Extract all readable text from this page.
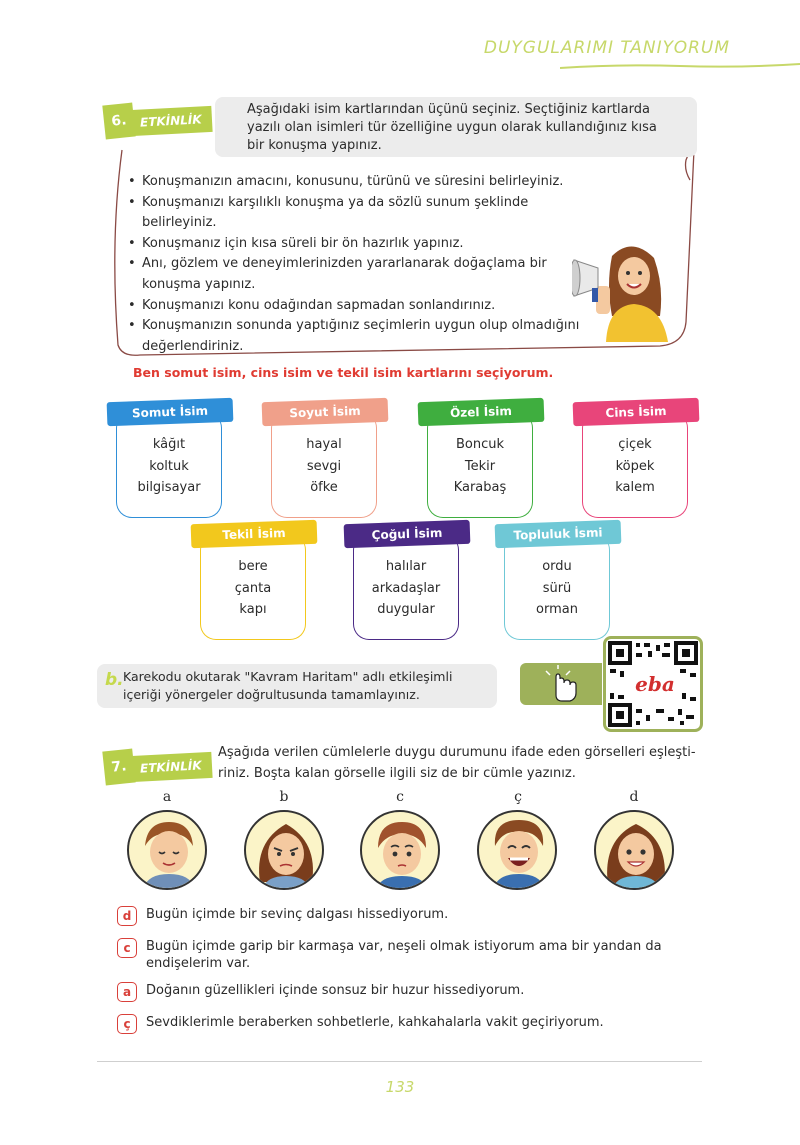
DUYGULARIMI TANIYORUM
6.	ETKİNLİK
Aşağıdaki isim kartlarından üçünü seçiniz. Seçtiğiniz kartlarda
yazılı olan isimleri tür özelliğine uygun olarak kullandığınız kısa
bir konuşma yapınız.
• Konuşmanızın amacını, konusunu, türünü ve süresini belirleyiniz.
• Konuşmanızı karşılıklı konuşma ya da sözlü sunum şeklinde belirleyiniz.
• Konuşmanız için kısa süreli bir ön hazırlık yapınız.
• Anı, gözlem ve deneyimlerinizden yararlanarak doğaçlama bir
konuşma yapınız.
• Konuşmanızı konu odağından sapmadan sonlandırınız.
• Konuşmanızın sonunda yaptığınız seçimlerin uygun olup olmadığını
değerlendiriniz.
Ben somut isim, cins isim ve tekil isim kartlarını seçiyorum.
Somut İsim
kâğıt
koltuk
bilgisayar
Soyut İsim
hayal
sevgi
öfke
Özel İsim
Boncuk
Tekir
Karabaş
Cins İsim
çiçek
köpek
kalem
Tekil İsim
bere
çanta
kapı
Çoğul İsim
halılar
arkadaşlar
duygular
Topluluk İsmi
ordu
sürü
orman
b. Karekodu okutarak "Kavram Haritam" adlı etkileşimli
içeriği yönergeler doğrultusunda tamamlayınız.	eba
7.	ETKİNLİK
Aşağıda verilen cümlelerle duygu durumunu ifade eden görselleri eşleşti-
riniz. Boşta kalan görselle ilgili siz de bir cümle yazınız.
a	b	c	ç	d
d	Bugün içimde bir sevinç dalgası hissediyorum.
c	Bugün içimde garip bir karmaşa var, neşeli olmak istiyorum ama bir yandan da
endişelerim var.
a	Doğanın güzellikleri içinde sonsuz bir huzur hissediyorum.
ç	Sevdiklerimle beraberken sohbetlerle, kahkahalarla vakit geçiriyorum.
133
